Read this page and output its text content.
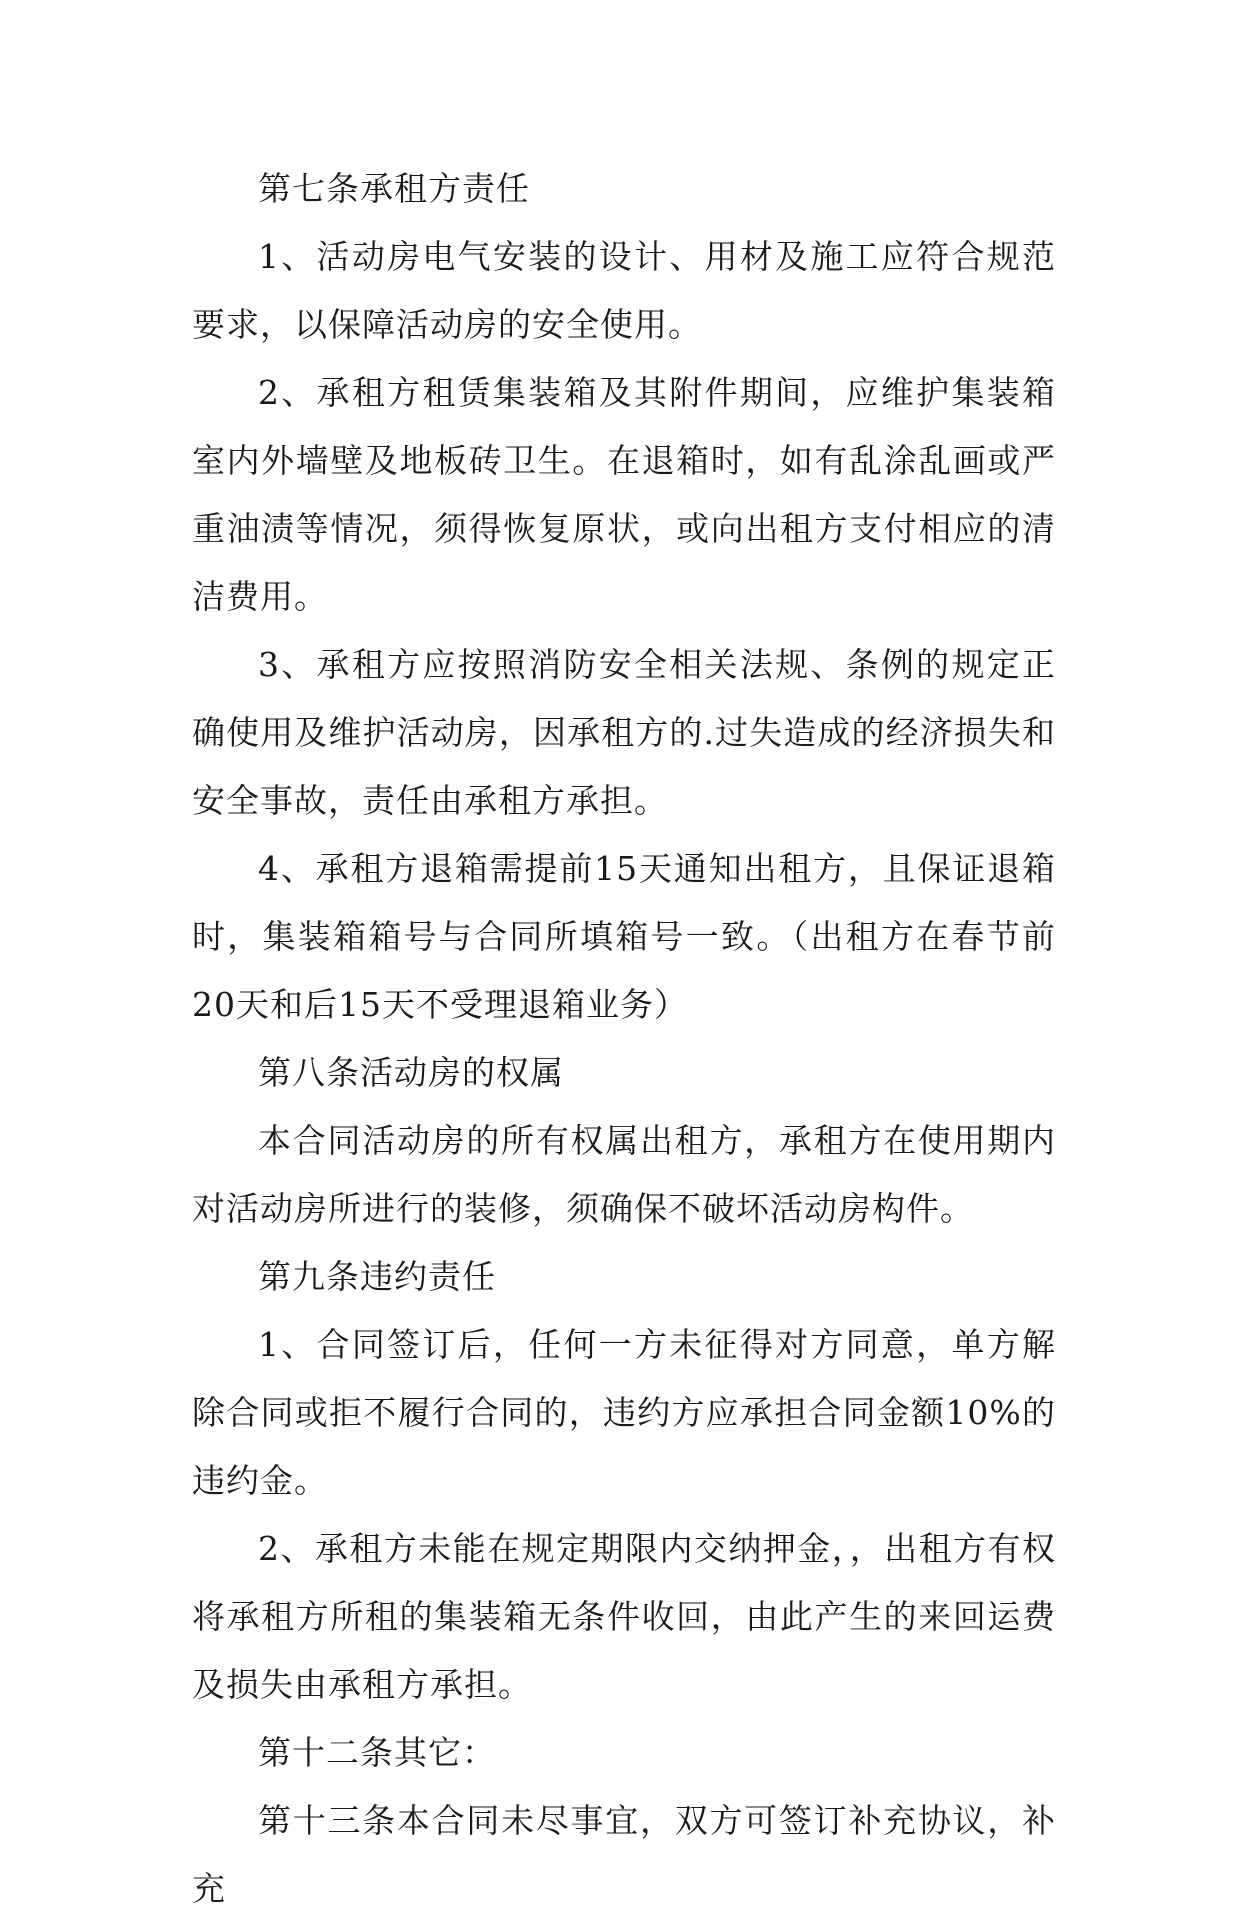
第七条承租方责任

1、活动房电气安装的设计、用材及施工应符合规范要求，以保障活动房的安全使用。

2、承租方租赁集装箱及其附件期间，应维护集装箱室内外墙壁及地板砖卫生。在退箱时，如有乱涂乱画或严重油渍等情况，须得恢复原状，或向出租方支付相应的清洁费用。

3、承租方应按照消防安全相关法规、条例的规定正确使用及维护活动房，因承租方的.过失造成的经济损失和安全事故，责任由承租方承担。

4、承租方退箱需提前15天通知出租方，且保证退箱时，集装箱箱号与合同所填箱号一致。（出租方在春节前20天和后15天不受理退箱业务）

第八条活动房的权属

本合同活动房的所有权属出租方，承租方在使用期内对活动房所进行的装修，须确保不破坏活动房构件。

第九条违约责任

1、合同签订后，任何一方未征得对方同意，单方解除合同或拒不履行合同的，违约方应承担合同金额10%的违约金。

2、承租方未能在规定期限内交纳押金，，出租方有权将承租方所租的集装箱无条件收回，由此产生的来回运费及损失由承租方承担。

第十二条其它：

第十三条本合同未尽事宜，双方可签订补充协议，补充
